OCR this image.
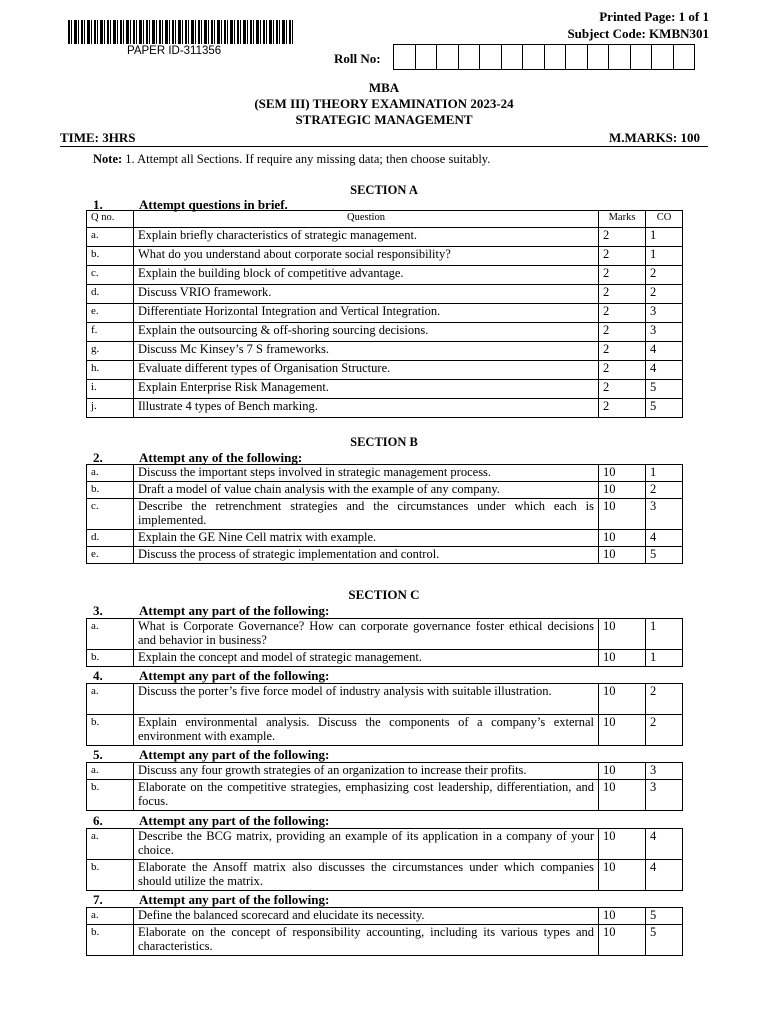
PAPER ID-311356
Printed Page: 1 of 1
Subject Code: KMBN301
Roll No:
MBA
(SEM III) THEORY EXAMINATION 2023-24
STRATEGIC MANAGEMENT
TIME: 3HRS	M.MARKS: 100
Note: 1. Attempt all Sections. If require any missing data; then choose suitably.
SECTION A
1.	Attempt questions in brief.
Q no.	Question	Marks	CO
a.	Explain briefly characteristics of strategic management.	2	1
b.	What do you understand about corporate social responsibility?	2	1
c.	Explain the building block of competitive advantage.	2	2
d.	Discuss VRIO framework.	2	2
e.	Differentiate Horizontal Integration and Vertical Integration.	2	3
f.	Explain the outsourcing & off-shoring sourcing decisions.	2	3
g.	Discuss Mc Kinsey’s 7 S frameworks.	2	4
h.	Evaluate different types of Organisation Structure.	2	4
i.	Explain Enterprise Risk Management.	2	5
j.	Illustrate 4 types of Bench marking.	2	5
SECTION B
2.	Attempt any of the following:
a.	Discuss the important steps involved in strategic management process.	10	1
b.	Draft a model of value chain analysis with the example of any company.	10	2
c.	Describe the retrenchment strategies and the circumstances under which each is implemented.	10	3
d.	Explain the GE Nine Cell matrix with example.	10	4
e.	Discuss the process of strategic implementation and control.	10	5
SECTION C
3.	Attempt any part of the following:
a.	What is Corporate Governance? How can corporate governance foster ethical decisions and behavior in business?	10	1
b.	Explain the concept and model of strategic management.	10	1
4.	Attempt any part of the following:
a.	Discuss the porter’s five force model of industry analysis with suitable illustration.	10	2
b.	Explain environmental analysis. Discuss the components of a company’s external environment with example.	10	2
5.	Attempt any part of the following:
a.	Discuss any four growth strategies of an organization to increase their profits.	10	3
b.	Elaborate on the competitive strategies, emphasizing cost leadership, differentiation, and focus.	10	3
6.	Attempt any part of the following:
a.	Describe the BCG matrix, providing an example of its application in a company of your choice.	10	4
b.	Elaborate the Ansoff matrix also discusses the circumstances under which companies should utilize the matrix.	10	4
7.	Attempt any part of the following:
a.	Define the balanced scorecard and elucidate its necessity.	10	5
b.	Elaborate on the concept of responsibility accounting, including its various types and characteristics.	10	5
